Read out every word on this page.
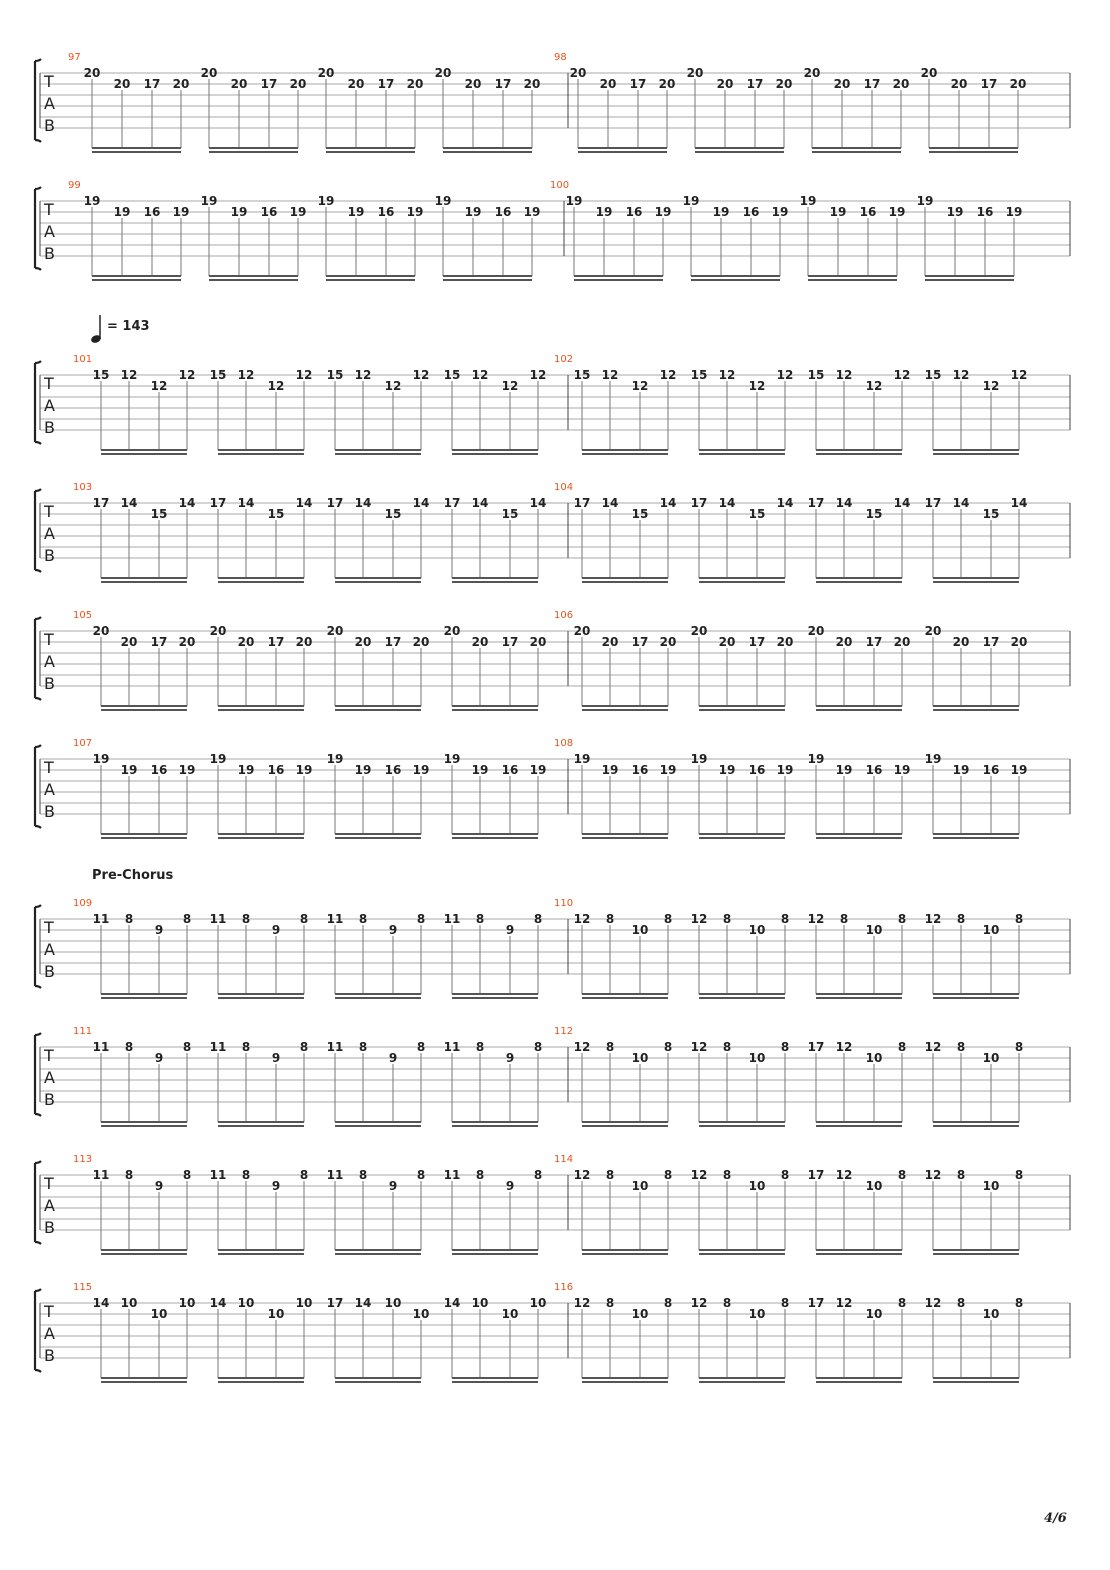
= 143
Pre-Chorus
T
A
B
97
20
20 17 20
20
20 17 20
20
20 17 20
20
20 17 20
98
20
20 17 20
20
20 17 20
20
20 17 20
20
20 17 20
T
A
B
99
19
19 16 19
19
19 16 19
19
19 16 19
19
19 16 19
100
19
19 16 19
19
19 16 19
19
19 16 19
19
19 16 19
T
A
B
101
15 12
12
12 15 12
12
12 15 12
12
12 15 12
12
12
102
15 12
12
12 15 12
12
12 15 12
12
12 15 12
12
12
T
A
B
103
17 14
15
14 17 14
15
14 17 14
15
14 17 14
15
14
104
17 14
15
14 17 14
15
14 17 14
15
14 17 14
15
14
T
A
B
105
20
20 17 20
20
20 17 20
20
20 17 20
20
20 17 20
106
20
20 17 20
20
20 17 20
20
20 17 20
20
20 17 20
T
A
B
107
19
19 16 19
19
19 16 19
19
19 16 19
19
19 16 19
108
19
19 16 19
19
19 16 19
19
19 16 19
19
19 16 19
T
A
B
109
11 8
9
8 11 8
9
8 11 8
9
8 11 8
9
8
110
12 8
10
8 12 8
10
8 12 8
10
8 12 8
10
8
T
A
B
111
11 8
9
8 11 8
9
8 11 8
9
8 11 8
9
8
112
12 8
10
8 12 8
10
8 17 12
10
8 12 8
10
8
T
A
B
113
11 8
9
8 11 8
9
8 11 8
9
8 11 8
9
8
114
12 8
10
8 12 8
10
8 17 12
10
8 12 8
10
8
T
A
B
115
14 10
10
10 14 10
10
10 17 14 10
10
14 10
10
10
116
12 8
10
8 12 8
10
8 17 12
10
8 12 8
10
8
4/6
